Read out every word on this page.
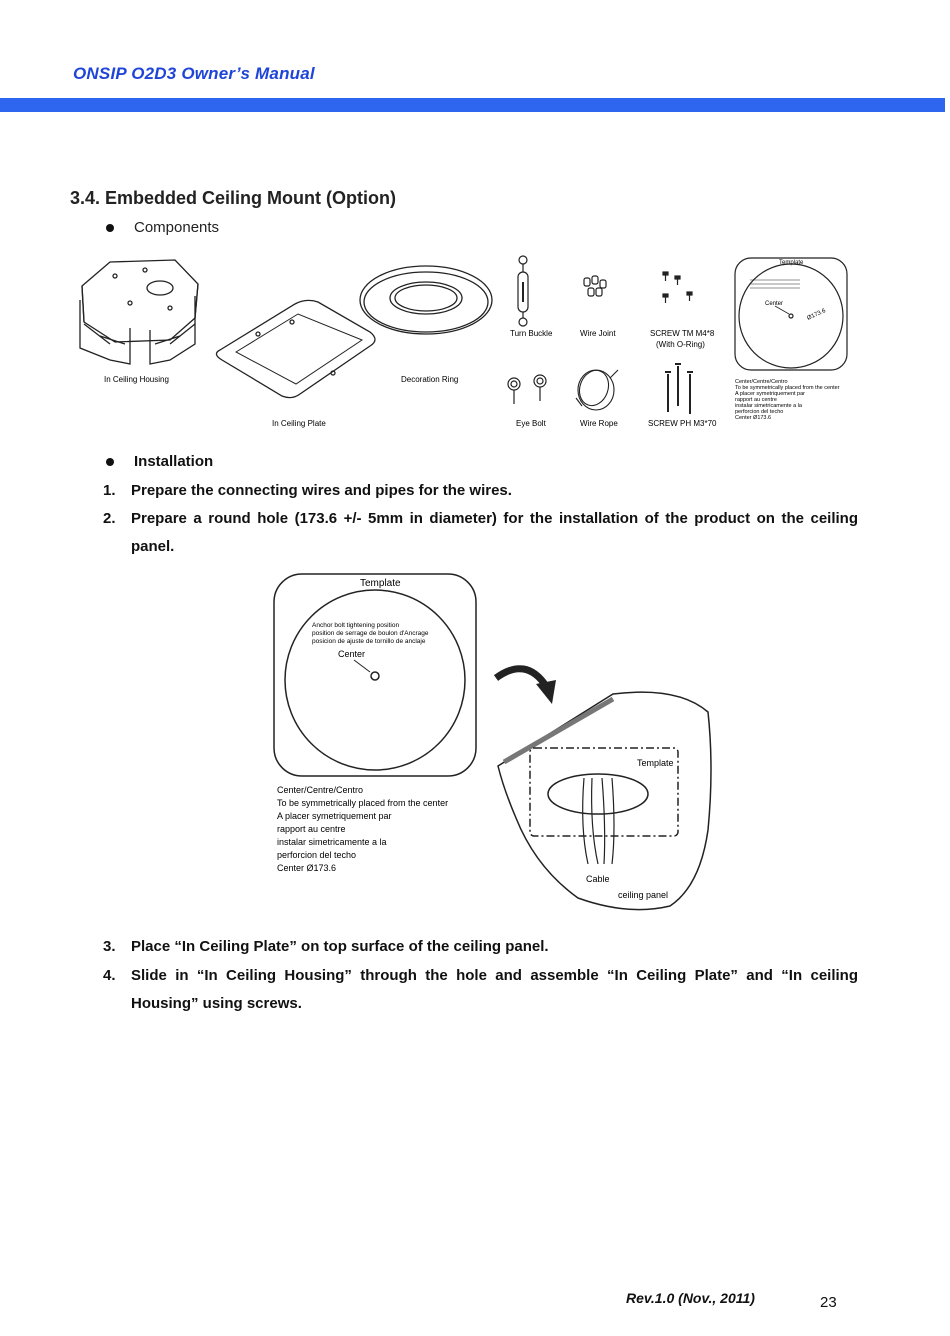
ONSIP O2D3 Owner’s Manual
3.4. Embedded Ceiling Mount (Option)
Components
In Ceiling Housing
In Ceiling Plate
Decoration Ring
Turn Buckle	Wire Joint	SCREW TM M4*8
(With O-Ring)
Eye Bolt	Wire Rope	SCREW PH M3*70
Template
Center
Ø173.6
Center/Centre/Centro
To be symmetrically placed from the center
A placer symetriquement par
rapport au centre
instalar simetricamente a la
perforcion del techo
Center Ø173.6
Installation
1. Prepare the connecting wires and pipes for the wires.
2. Prepare a round hole (173.6 +/- 5mm in diameter) for the installation of the product on the ceiling panel.
Template
Anchor bolt tightening position
position de serrage de boulon d'Ancrage
posicion de ajuste de tornillo de anclaje
Center
Center/Centre/Centro
To be symmetrically placed from the center
A placer symetriquement par
rapport au centre
instalar simetricamente a la
perforcion del techo
Center Ø173.6
Template
Cable
ceiling panel
3. Place “In Ceiling Plate” on top surface of the ceiling panel.
4. Slide in “In Ceiling Housing” through the hole and assemble “In Ceiling Plate” and “In ceiling Housing” using screws.
Rev.1.0 (Nov., 2011)	23
